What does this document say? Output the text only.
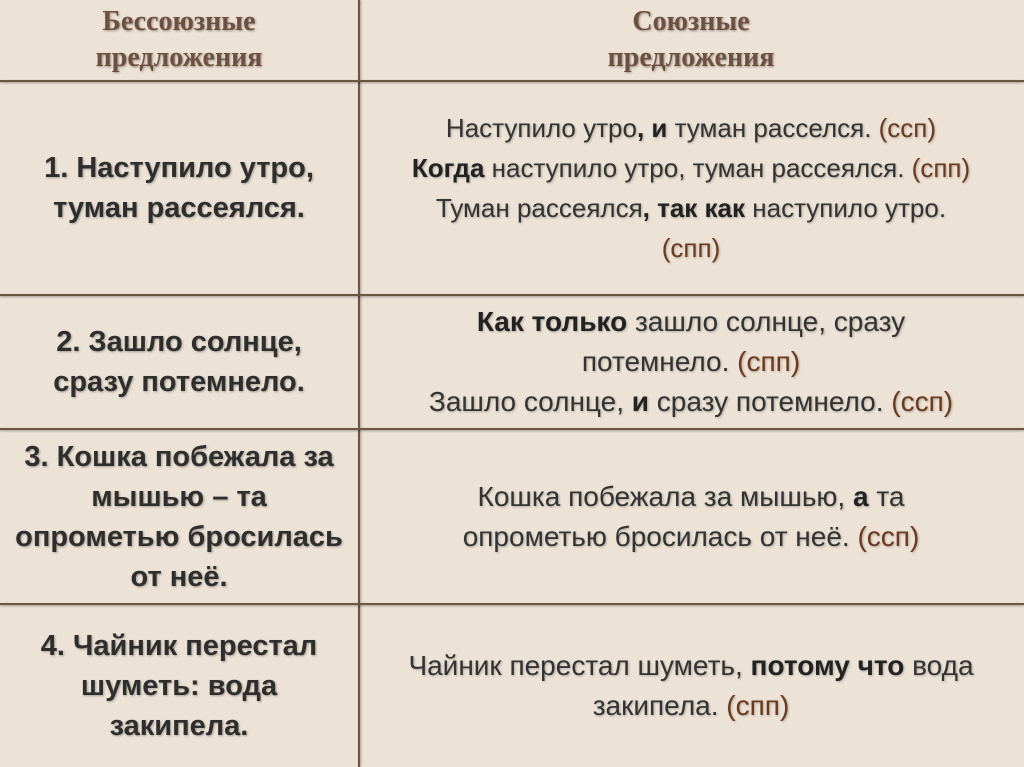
Бессоюзные
предложения
Союзные
предложения
1. Наступило утро, туман рассеялся.
Наступило утро, и туман расселся. (ссп)
Когда наступило утро, туман рассеялся. (спп)
Туман рассеялся, так как наступило утро.
(спп)
2. Зашло солнце, сразу потемнело.
Как только зашло солнце, сразу
потемнело. (спп)
Зашло солнце, и сразу потемнело. (ссп)
3. Кошка побежала за мышью – та опрометью бросилась от неё.
Кошка побежала за мышью, а та
опрометью бросилась от неё. (ссп)
4. Чайник перестал шуметь: вода закипела.
Чайник перестал шуметь, потому что вода
закипела. (спп)
